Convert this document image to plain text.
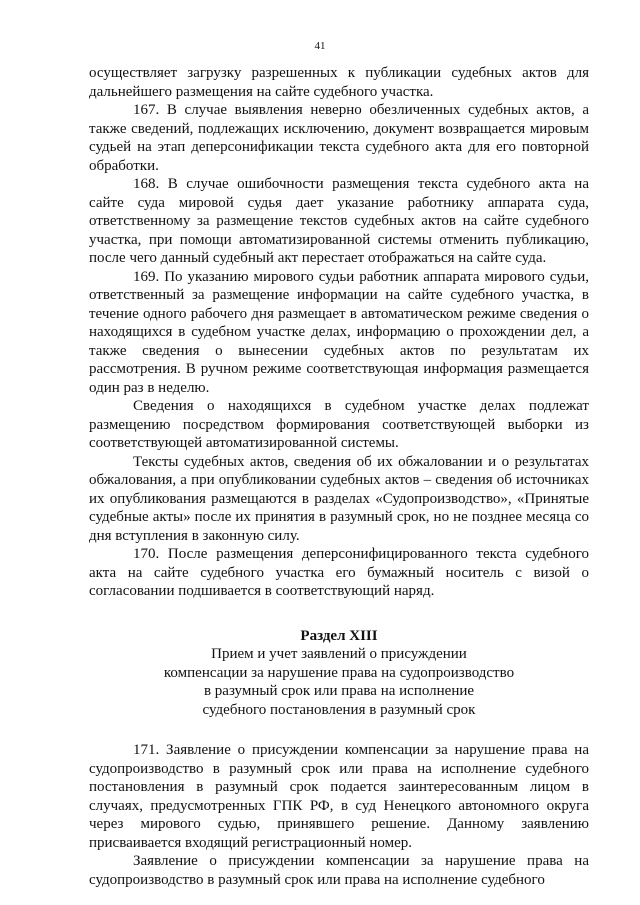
41

осуществляет загрузку разрешенных к публикации судебных актов для дальнейшего размещения на сайте судебного участка.

167. В случае выявления неверно обезличенных судебных актов, а также сведений, подлежащих исключению, документ возвращается мировым судьей на этап деперсонификации текста судебного акта для его повторной обработки.

168. В случае ошибочности размещения текста судебного акта на сайте суда мировой судья дает указание работнику аппарата суда, ответственному за размещение текстов судебных актов на сайте судебного участка, при помощи автоматизированной системы отменить публикацию, после чего данный судебный акт перестает отображаться на сайте суда.

169. По указанию мирового судьи работник аппарата мирового судьи, ответственный за размещение информации на сайте судебного участка, в течение одного рабочего дня размещает в автоматическом режиме сведения о находящихся в судебном участке делах, информацию о прохождении дел, а также сведения о вынесении судебных актов по результатам их рассмотрения. В ручном режиме соответствующая информация размещается один раз в неделю.

Сведения о находящихся в судебном участке делах подлежат размещению посредством формирования соответствующей выборки из соответствующей автоматизированной системы.

Тексты судебных актов, сведения об их обжаловании и о результатах обжалования, а при опубликовании судебных актов – сведения об источниках их опубликования размещаются в разделах «Судопроизводство», «Принятые судебные акты» после их принятия в разумный срок, но не позднее месяца со дня вступления в законную силу.

170. После размещения деперсонифицированного текста судебного акта на сайте судебного участка его бумажный носитель с визой о согласовании подшивается в соответствующий наряд.

Раздел XIII

Прием и учет заявлений о присуждении

компенсации за нарушение права на судопроизводство

в разумный срок или права на исполнение

судебного постановления в разумный срок

171. Заявление о присуждении компенсации за нарушение права на судопроизводство в разумный срок или права на исполнение судебного постановления в разумный срок подается заинтересованным лицом в случаях, предусмотренных ГПК РФ, в суд Ненецкого автономного округа через мирового судью, принявшего решение. Данному заявлению присваивается входящий регистрационный номер.

Заявление о присуждении компенсации за нарушение права на судопроизводство в разумный срок или права на исполнение судебного
